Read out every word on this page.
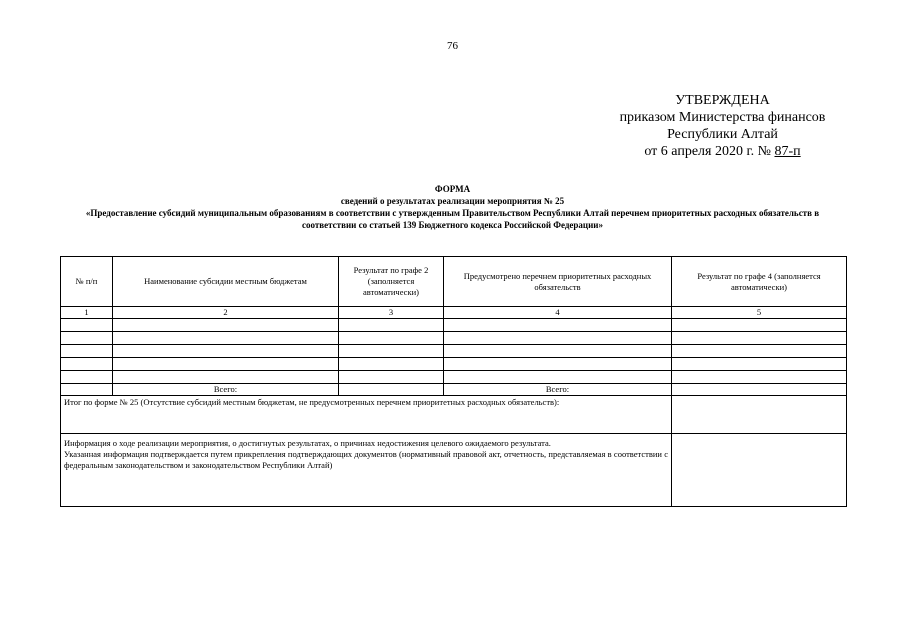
76
УТВЕРЖДЕНА
приказом Министерства финансов
Республики Алтай
от 6 апреля 2020 г. № 87-п
ФОРМА
сведений о результатах реализации мероприятия № 25
«Предоставление субсидий муниципальным образованиям в соответствии с утвержденным Правительством Республики Алтай перечнем приоритетных расходных обязательств в соответствии со статьей 139 Бюджетного кодекса Российской Федерации»
№ п/п	Наименование субсидии местным бюджетам	Результат по графе 2 (заполняется автоматически)	Предусмотрено перечнем приоритетных расходных обязательств	Результат по графе 4 (заполняется автоматически)
1	2	3	4	5

	Всего:		Всего:	
Итог по форме № 25 (Отсутствие субсидий местным бюджетам, не предусмотренных перечнем приоритетных расходных обязательств):				

Информация о ходе реализации мероприятия, о достигнутых результатах, о причинах недостижения целевого ожидаемого результата.
Указанная информация подтверждается путем прикрепления подтверждающих документов (нормативный правовой акт, отчетность, представляемая в соответствии с федеральным законодательством и законодательством Республики Алтай)				
